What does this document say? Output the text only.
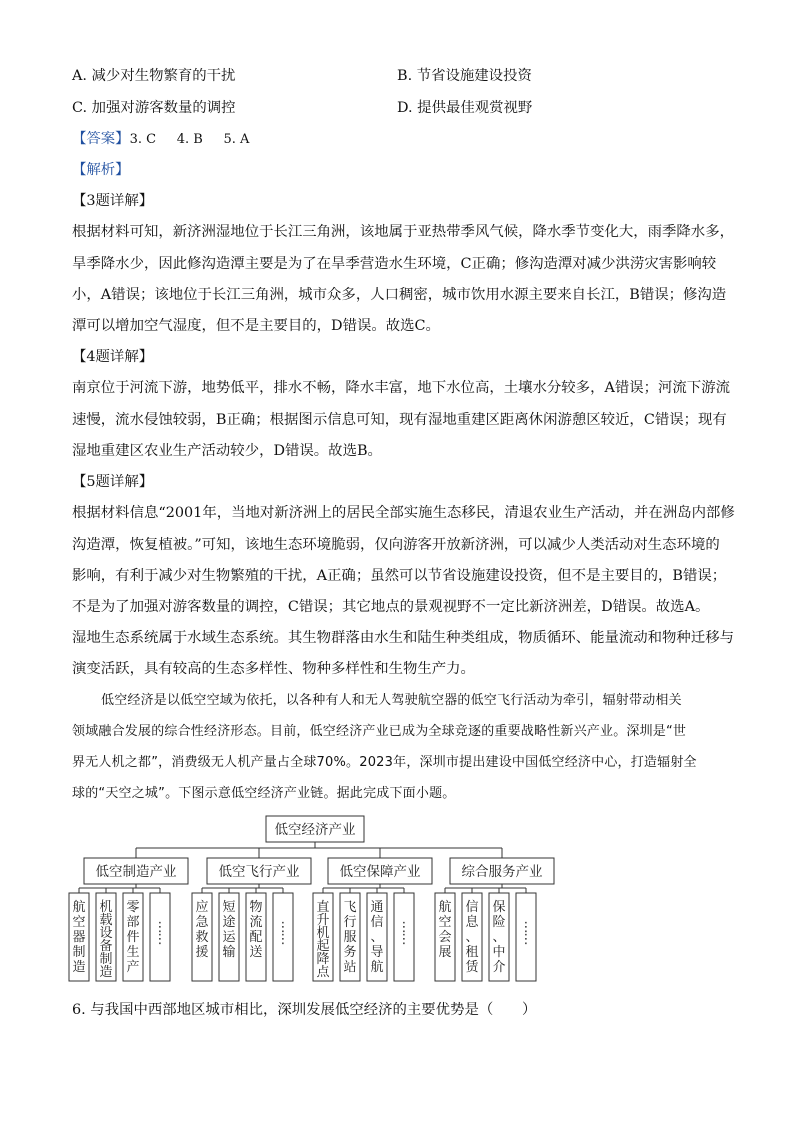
A. 减少对生物繁育的干扰	B. 节省设施建设投资
C. 加强对游客数量的调控	D. 提供最佳观赏视野
【答案】3. C     4. B     5. A
【解析】
【3题详解】
根据材料可知，新济洲湿地位于长江三角洲，该地属于亚热带季风气候，降水季节变化大，雨季降水多，
旱季降水少，因此修沟造潭主要是为了在旱季营造水生环境，C正确；修沟造潭对减少洪涝灾害影响较
小，A错误；该地位于长江三角洲，城市众多，人口稠密，城市饮用水源主要来自长江，B错误；修沟造
潭可以增加空气湿度，但不是主要目的，D错误。故选C。
【4题详解】
南京位于河流下游，地势低平，排水不畅，降水丰富，地下水位高，土壤水分较多，A错误；河流下游流
速慢，流水侵蚀较弱，B正确；根据图示信息可知，现有湿地重建区距离休闲游憩区较近，C错误；现有
湿地重建区农业生产活动较少，D错误。故选B。
【5题详解】
根据材料信息“2001年，当地对新济洲上的居民全部实施生态移民，清退农业生产活动，并在洲岛内部修
沟造潭，恢复植被。”可知，该地生态环境脆弱，仅向游客开放新济洲，可以减少人类活动对生态环境的
影响，有利于减少对生物繁殖的干扰，A正确；虽然可以节省设施建设投资，但不是主要目的，B错误；
不是为了加强对游客数量的调控，C错误；其它地点的景观视野不一定比新济洲差，D错误。故选A。
湿地生态系统属于水域生态系统。其生物群落由水生和陆生种类组成，物质循环、能量流动和物种迁移与
演变活跃，具有较高的生态多样性、物种多样性和生物生产力。
低空经济是以低空空域为依托，以各种有人和无人驾驶航空器的低空飞行活动为牵引，辐射带动相关
领域融合发展的综合性经济形态。目前，低空经济产业已成为全球竞逐的重要战略性新兴产业。深圳是“世
界无人机之都”，消费级无人机产量占全球70%。2023年，深圳市提出建设中国低空经济中心，打造辐射全
球的“天空之城”。下图示意低空经济产业链。据此完成下面小题。
低空经济产业
低空制造产业
航空器制造
机载设备制造
零部件生产
⋮ ⋮
低空飞行产业
应急救援
短途运输
物流配送
⋮ ⋮
低空保障产业
直升机起降点
飞行服务站
通信、导航
⋮ ⋮
综合服务产业
航空会展
信息、租赁
保险、中介
⋮ ⋮
6. 与我国中西部地区城市相比，深圳发展低空经济的主要优势是（　　）
